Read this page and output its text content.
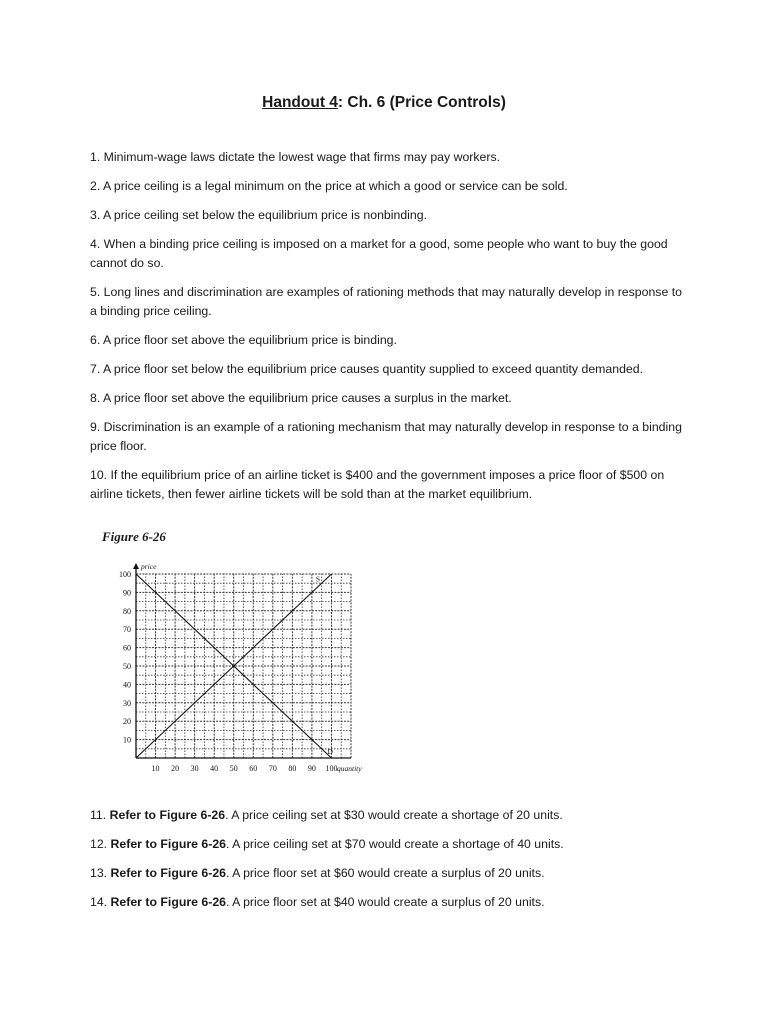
Handout 4: Ch. 6 (Price Controls)
1. Minimum-wage laws dictate the lowest wage that firms may pay workers.
2. A price ceiling is a legal minimum on the price at which a good or service can be sold.
3. A price ceiling set below the equilibrium price is nonbinding.
4. When a binding price ceiling is imposed on a market for a good, some people who want to buy the good cannot do so.
5. Long lines and discrimination are examples of rationing methods that may naturally develop in response to a binding price ceiling.
6. A price floor set above the equilibrium price is binding.
7. A price floor set below the equilibrium price causes quantity supplied to exceed quantity demanded.
8. A price floor set above the equilibrium price causes a surplus in the market.
9. Discrimination is an example of a rationing mechanism that may naturally develop in response to a binding price floor.
10. If the equilibrium price of an airline ticket is $400 and the government imposes a price floor of $500 on airline tickets, then fewer airline tickets will be sold than at the market equilibrium.
Figure 6-26
10 20 30 40 50 60 70 80 90 100
10
20
30
40
50
60
70
80
90
100
price
quantity
S
D
11. Refer to Figure 6-26. A price ceiling set at $30 would create a shortage of 20 units.
12. Refer to Figure 6-26. A price ceiling set at $70 would create a shortage of 40 units.
13. Refer to Figure 6-26. A price floor set at $60 would create a surplus of 20 units.
14. Refer to Figure 6-26. A price floor set at $40 would create a surplus of 20 units.
